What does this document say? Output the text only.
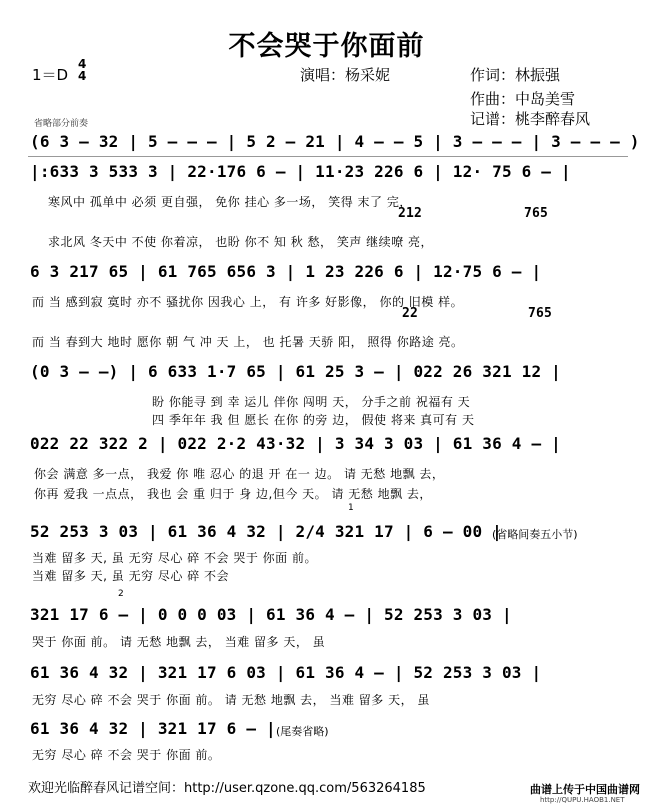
不会哭于你面前
1＝D
4
4	演唱：杨采妮	作词：林振强
作曲：中岛美雪
记谱：桃李醉春风
省略部分前奏
(6 3 – 32 | 5 – – – | 5 2 – 21 | 4 – – 5 | 3 – – – | 3 – – – )
|:633 3 533 3 | 22·176 6 – | 11·23 226 6 | 12· 75 6 – |
寒风中 孤单中 必须 更自强， 免你 挂心 多一场， 笑得 末了 完，
212	765
求北风 冬天中 不使 你着凉， 也盼 你不 知 秋 愁， 笑声 继续嘹 亮，
6 3 217 65 | 61 765 656 3 | 1 23 226 6 | 12·75 6 – |
而 当 感到寂 寞时 亦不 骚扰你 因我心 上， 有 许多 好影像， 你的 旧模 样。
22	765
而 当 春到大 地时 愿你 朝 气 冲 天 上， 也 托暑 天骄 阳， 照得 你路途 亮。
(0 3 – –) | 6 633 1·7 65 | 61 25 3 – | 022 26 321 12 |
盼 你能寻 到 幸 运儿 伴你 闯明 天， 分手之前 祝福有 天
四 季年年 我 但 愿长 在你 的旁 边， 假使 将来 真可有 天
022 22 322 2 | 022 2·2 43·32 | 3 34 3 03 | 61 36 4 – |
你会 满意 多一点， 我爱 你 唯 忍心 的退 开 在一 边。 请 无愁 地飘 去，
你再 爱我 一点点， 我也 会 重 归于 身 边,但今 天。 请 无愁 地飘 去，
1
52 253 3 03 | 61 36 4 32 | 2/4 321 17 | 6 – 00 |
(省略间奏五小节)
当难 留多 天, 虽 无穷 尽心 碎 不会 哭于 你面 前。
当难 留多 天, 虽 无穷 尽心 碎 不会
2
321 17 6 – | 0 0 0 03 | 61 36 4 – | 52 253 3 03 |
哭于 你面 前。 请 无愁 地飘 去， 当难 留多 天， 虽
61 36 4 32 | 321 17 6 03 | 61 36 4 – | 52 253 3 03 |
无穷 尽心 碎 不会 哭于 你面 前。 请 无愁 地飘 去， 当难 留多 天， 虽
61 36 4 32 | 321 17 6 – | (尾奏省略)
无穷 尽心 碎 不会 哭于 你面 前。
欢迎光临醉春风记谱空间：http://user.qzone.qq.com/563264185	曲谱上传于中国曲谱网
http://QUPU.HAOB1.NET
